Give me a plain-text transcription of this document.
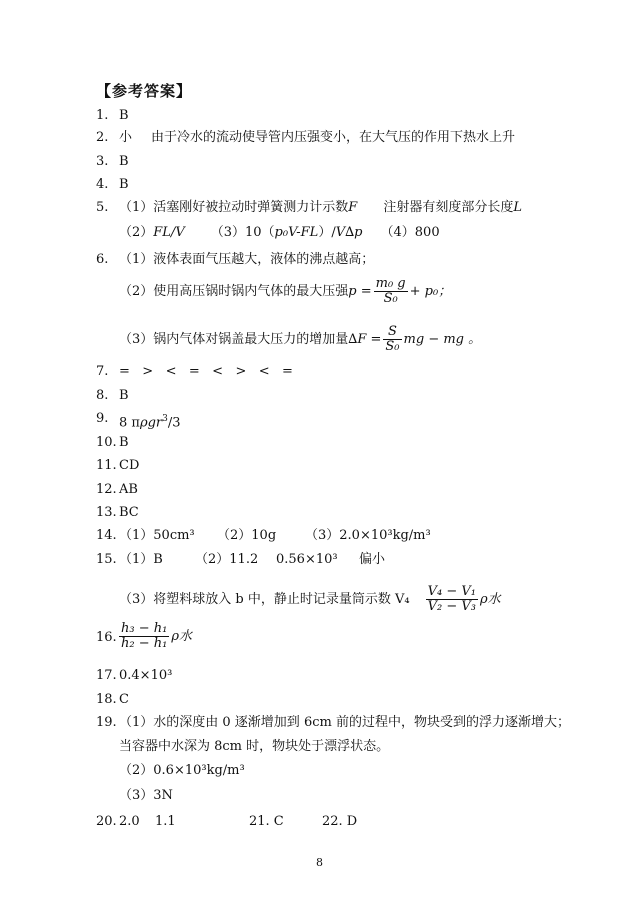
【参考答案】
1. B
2. 小 由于冷水的流动使导管内压强变小，在大气压的作用下热水上升
3. B
4. B
5. （1）活塞刚好被拉动时弹簧测力计示数F 注射器有刻度部分长度L
（2）FL/V （3）10（p₀V-FL）/V∆p （4）800
6. （1）液体表面气压越大，液体的沸点越高；
（2）使用高压锅时锅内气体的最大压强$p = \frac{\text{m₀ g}}{\text{S₀}} + p_0$；
（3）锅内气体对锅盖最大压力的增加量$\Delta F = \frac{S}{\text{S₀}}$ mg − mg 。
7. =   >   <   =   <   >   <   =
8. B
9. 8 πρgr$^3$/3
10. B
11. CD
12. AB
13. BC
14. （1）50cm³ （2）10g （3）2.0×10³kg/m³
15. （1）B （2）11.2 0.56×10³ 偏小
（3）将塑料球放入 b 中，静止时记录量筒示数 $V_4 \frac{\text{V₄ − V₁}}{\text{V₂ − V₃}}$ ρ水
16. $\frac{\text{h₃ − h₁}}{\text{h₂ − h₁}}$ ρ水
17. 0.4×10³
18. C
19. （1）水的深度由 0 逐渐增加到 6cm 前的过程中，物块受到的浮力逐渐增大；
当容器中水深为 8cm 时，物块处于漂浮状态。
（2）0.6×10³kg/m³
（3）3N
20. 2.0 1.1	21. C	22. D
8
